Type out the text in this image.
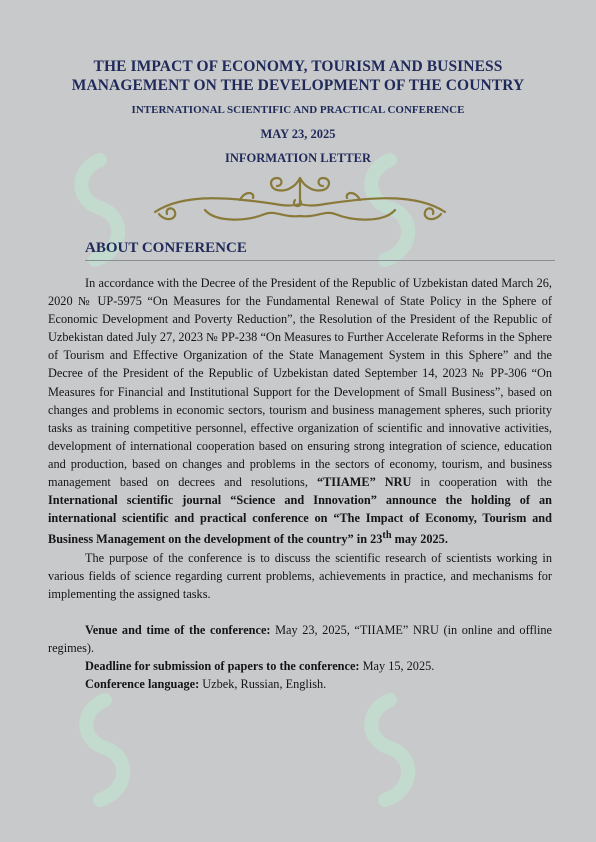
THE IMPACT OF ECONOMY, TOURISM AND BUSINESS MANAGEMENT ON THE DEVELOPMENT OF THE COUNTRY
INTERNATIONAL SCIENTIFIC AND PRACTICAL CONFERENCE
MAY 23, 2025
INFORMATION LETTER
ABOUT CONFERENCE

In accordance with the Decree of the President of the Republic of Uzbekistan dated March 26, 2020 № UP-5975 “On Measures for the Fundamental Renewal of State Policy in the Sphere of Economic Development and Poverty Reduction”, the Resolution of the President of the Republic of Uzbekistan dated July 27, 2023 № PP-238 “On Measures to Further Accelerate Reforms in the Sphere of Tourism and Effective Organization of the State Management System in this Sphere” and the Decree of the President of the Republic of Uzbekistan dated September 14, 2023 № PP-306 “On Measures for Financial and Institutional Support for the Development of Small Business”, based on changes and problems in economic sectors, tourism and business management spheres, such priority tasks as training competitive personnel, effective organization of scientific and innovative activities, development of international cooperation based on ensuring strong integration of science, education and production, based on changes and problems in the sectors of economy, tourism, and business management based on decrees and resolutions, “TIIAME” NRU in cooperation with the International scientific journal “Science and Innovation” announce the holding of an international scientific and practical conference on “The Impact of Economy, Tourism and Business Management on the development of the country” in 23th may 2025.

The purpose of the conference is to discuss the scientific research of scientists working in various fields of science regarding current problems, achievements in practice, and mechanisms for implementing the assigned tasks.

Venue and time of the conference: May 23, 2025, “TIIAME” NRU (in online and offline regimes).

Deadline for submission of papers to the conference: May 15, 2025.

Conference language: Uzbek, Russian, English.
